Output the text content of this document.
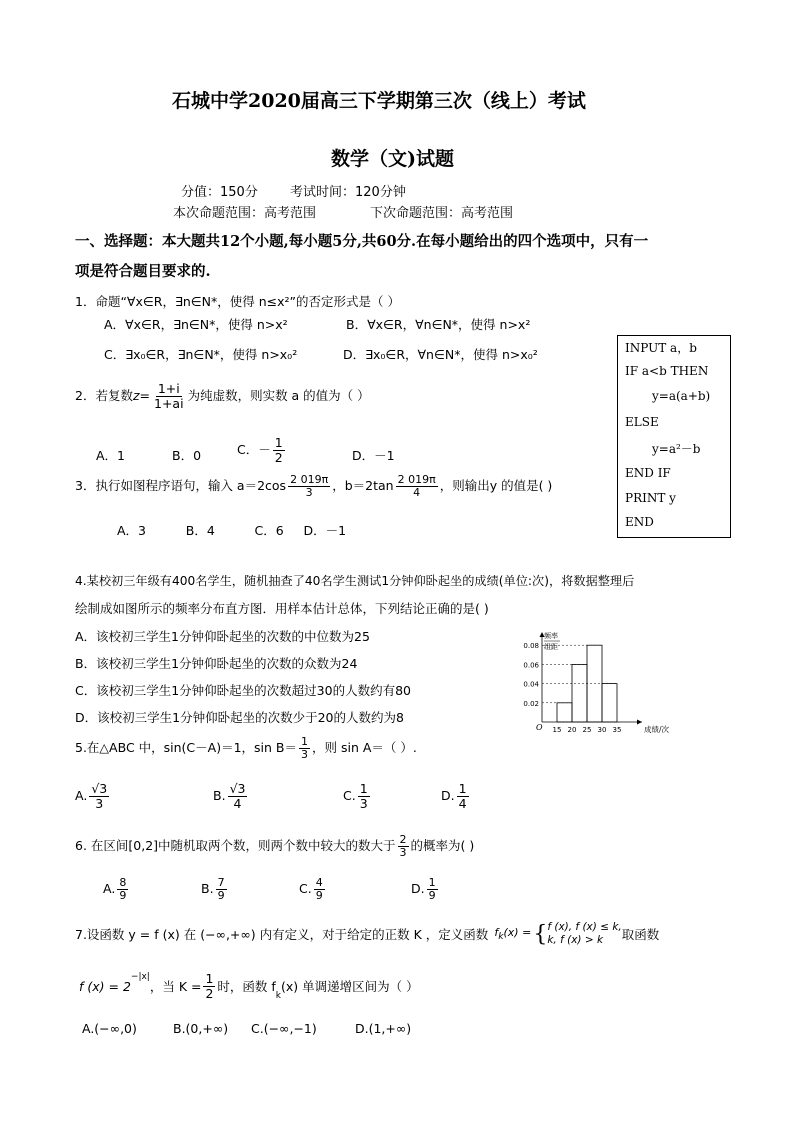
石城中学2020届高三下学期第三次（线上）考试
数学（文)试题
分值：150分 考试时间：120分钟
本次命题范围：高考范围	下次命题范围：高考范围
一、选择题：本大题共12个小题,每小题5分,共60分.在每小题给出的四个选项中，只有一
项是符合题目要求的.
1．命题“∀x∈R，∃n∈N*，使得 n≤x²”的否定形式是（ ）
A．∀x∈R，∃n∈N*，使得 n>x²	B．∀x∈R，∀n∈N*，使得 n>x²
C．∃x₀∈R，∃n∈N*，使得 n>x₀²	D．∃x₀∈R，∀n∈N*，使得 n>x₀²	INPUT a，b
IF a<b THEN
y=a(a+b)
ELSE
y=a²－b
END IF
PRINT y
END
2．若复数$z= \frac{1+i}{1+ai}$ 为纯虚数，则实数 a 的值为（ ）
A．1	B．0	C．－ $\frac{1}{2}$	D．－1
3．执行如图程序语句，输入 $a=2\cos \frac{2 019\pi}{3}$ ，$b=2\tan \frac{2 019\pi}{4}$ ，则输出y 的值是( )
A．3          B．4          C．6     D．－1
4.某校初三年级有400名学生，随机抽查了40名学生测试1分钟仰卧起坐的成绩(单位:次)，将数据整理后
绘制成如图所示的频率分布直方图．用样本估计总体，下列结论正确的是( )
A．该校初三学生1分钟仰卧起坐的次数的中位数为25
B．该校初三学生1分钟仰卧起坐的次数的众数为24
C．该校初三学生1分钟仰卧起坐的次数超过30的人数约有80
D．该校初三学生1分钟仰卧起坐的次数少于20的人数约为8
0.08
0.06
0.04
0.02
15 20 25 30 35
O	成绩/次
频率
组距
5.在△ABC 中，sin(C－A)＝1，$\sin B= \frac{1}{3}$ ，则 sin A＝（ ）.
A. $\frac{√3}{3}$	B. $\frac{√3}{4}$	C. $\frac{1}{3}$	D. $\frac{1}{4}$
6. 在区间[0,2]中随机取两个数，则两个数中较大的数大于 $\frac{2}{3}$ 的概率为( )
A. $\frac{8}{9}$	B. $\frac{7}{9}$	C. $\frac{4}{9}$	D. $\frac{1}{9}$
7.设函数 y = f (x) 在 (−∞,+∞) 内有定义，对于给定的正数 K ，定义函数 $f_k(x)$ = { f (x), f (x) ≤ k,
k, f (x) > k	取函数
f (x) = 2
$^{-|x|}$
，当 $K = \frac{1}{2}$ 时，函数 f
$_k$
(x) 单调递增区间为（ ）
A.(−∞,0)	B.(0,+∞) C.(−∞,−1)	D.(1,+∞)
